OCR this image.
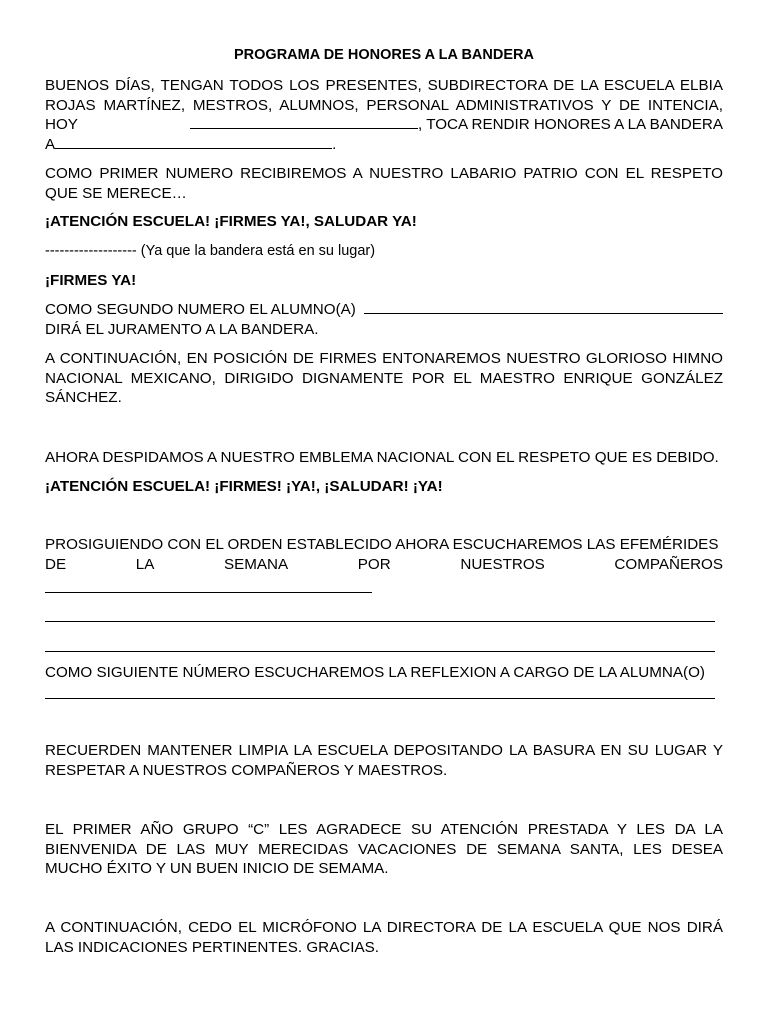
PROGRAMA DE HONORES A LA BANDERA

BUENOS DÍAS, TENGAN TODOS LOS PRESENTES, SUBDIRECTORA DE LA ESCUELA ELBIA ROJAS MARTÍNEZ, MESTROS, ALUMNOS, PERSONAL ADMINISTRATIVOS Y DE INTENCIA,
HOY	, TOCA RENDIR HONORES A LA BANDERA
A	.

COMO PRIMER NUMERO RECIBIREMOS A NUESTRO LABARIO PATRIO CON EL RESPETO QUE SE MERECE…

¡ATENCIÓN ESCUELA! ¡FIRMES YA!, SALUDAR YA!

------------------- (Ya que la bandera está en su lugar)

¡FIRMES YA!

COMO SEGUNDO NUMERO EL ALUMNO(A)
DIRÁ EL JURAMENTO A LA BANDERA.

A CONTINUACIÓN, EN POSICIÓN DE FIRMES ENTONAREMOS NUESTRO GLORIOSO HIMNO NACIONAL MEXICANO, DIRIGIDO DIGNAMENTE POR EL MAESTRO ENRIQUE GONZÁLEZ SÁNCHEZ.

AHORA DESPIDAMOS A NUESTRO EMBLEMA NACIONAL CON EL RESPETO QUE ES DEBIDO.

¡ATENCIÓN ESCUELA! ¡FIRMES! ¡YA!, ¡SALUDAR! ¡YA!

PROSIGUIENDO CON EL ORDEN ESTABLECIDO AHORA ESCUCHAREMOS LAS EFEMÉRIDES
DE	LA	SEMANA	POR	NUESTROS	COMPAÑEROS

COMO SIGUIENTE NÚMERO ESCUCHAREMOS LA REFLEXION A CARGO DE LA ALUMNA(O)

RECUERDEN MANTENER LIMPIA LA ESCUELA DEPOSITANDO LA BASURA EN SU LUGAR Y RESPETAR A NUESTROS COMPAÑEROS Y MAESTROS.

EL PRIMER AÑO GRUPO “C” LES AGRADECE SU ATENCIÓN PRESTADA Y LES DA LA BIENVENIDA DE LAS MUY MERECIDAS VACACIONES DE SEMANA SANTA, LES DESEA MUCHO ÉXITO Y UN BUEN INICIO DE SEMAMA.

A CONTINUACIÓN, CEDO EL MICRÓFONO LA DIRECTORA DE LA ESCUELA QUE NOS DIRÁ LAS INDICACIONES PERTINENTES. GRACIAS.
